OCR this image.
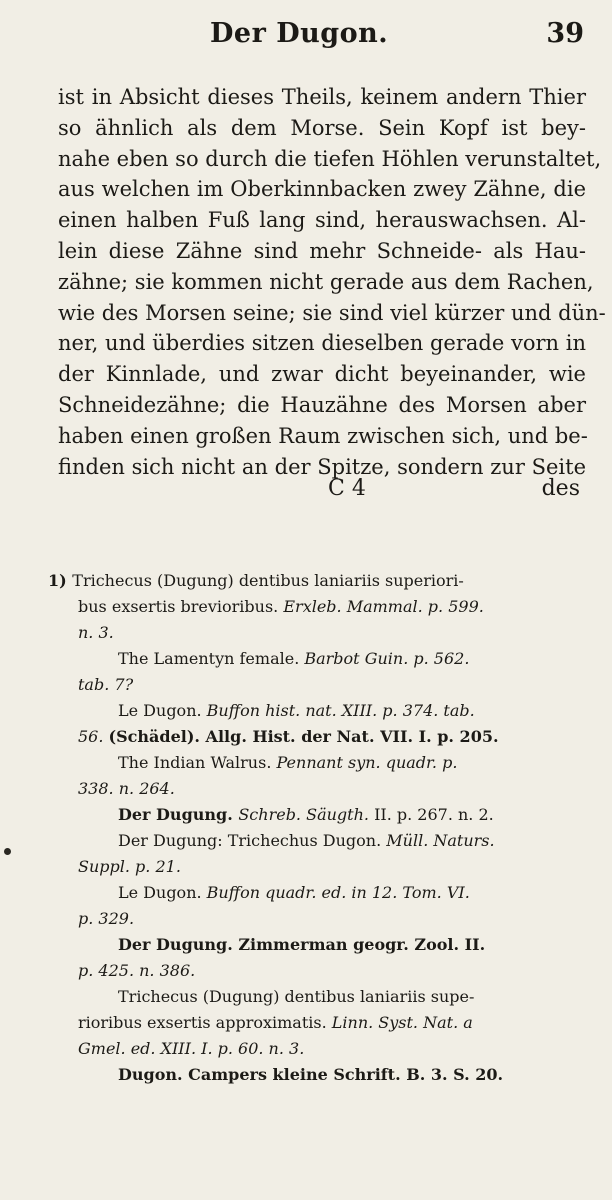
Der Dugon.	39
ist in Absicht dieses Theils, keinem andern Thier
so ähnlich als dem Morse. Sein Kopf ist bey-
nahe eben so durch die tiefen Höhlen verunstaltet,
aus welchen im Oberkinnbacken zwey Zähne, die
einen halben Fuß lang sind, herauswachsen. Al-
lein diese Zähne sind mehr Schneide- als Hau-
zähne; sie kommen nicht gerade aus dem Rachen,
wie des Morsen seine; sie sind viel kürzer und dün-
ner, und überdies sitzen dieselben gerade vorn in
der Kinnlade, und zwar dicht beyeinander, wie
Schneidezähne; die Hauzähne des Morsen aber
haben einen großen Raum zwischen sich, und be-
finden sich nicht an der Spitze, sondern zur Seite
C 4	des
1) Trichecus (Dugung) dentibus laniariis superiori-
bus exsertis brevioribus. Erxleb. Mammal. p. 599.
n. 3.
The Lamentyn female. Barbot Guin. p. 562.
tab. 7?
Le Dugon. Buffon hist. nat. XIII. p. 374. tab.
56. (Schädel). Allg. Hist. der Nat. VII. I. p. 205.
The Indian Walrus. Pennant syn. quadr. p.
338. n. 264.
Der Dugung. Schreb. Säugth. II. p. 267. n. 2.
Der Dugung: Trichechus Dugon. Müll. Naturs.
Suppl. p. 21.
Le Dugon. Buffon quadr. ed. in 12. Tom. VI.
p. 329.
Der Dugung. Zimmerman geogr. Zool. II.
p. 425. n. 386.
Trichecus (Dugung) dentibus laniariis supe-
rioribus exsertis approximatis. Linn. Syst. Nat. a
Gmel. ed. XIII. I. p. 60. n. 3.
Dugon. Campers kleine Schrift. B. 3. S. 20.
